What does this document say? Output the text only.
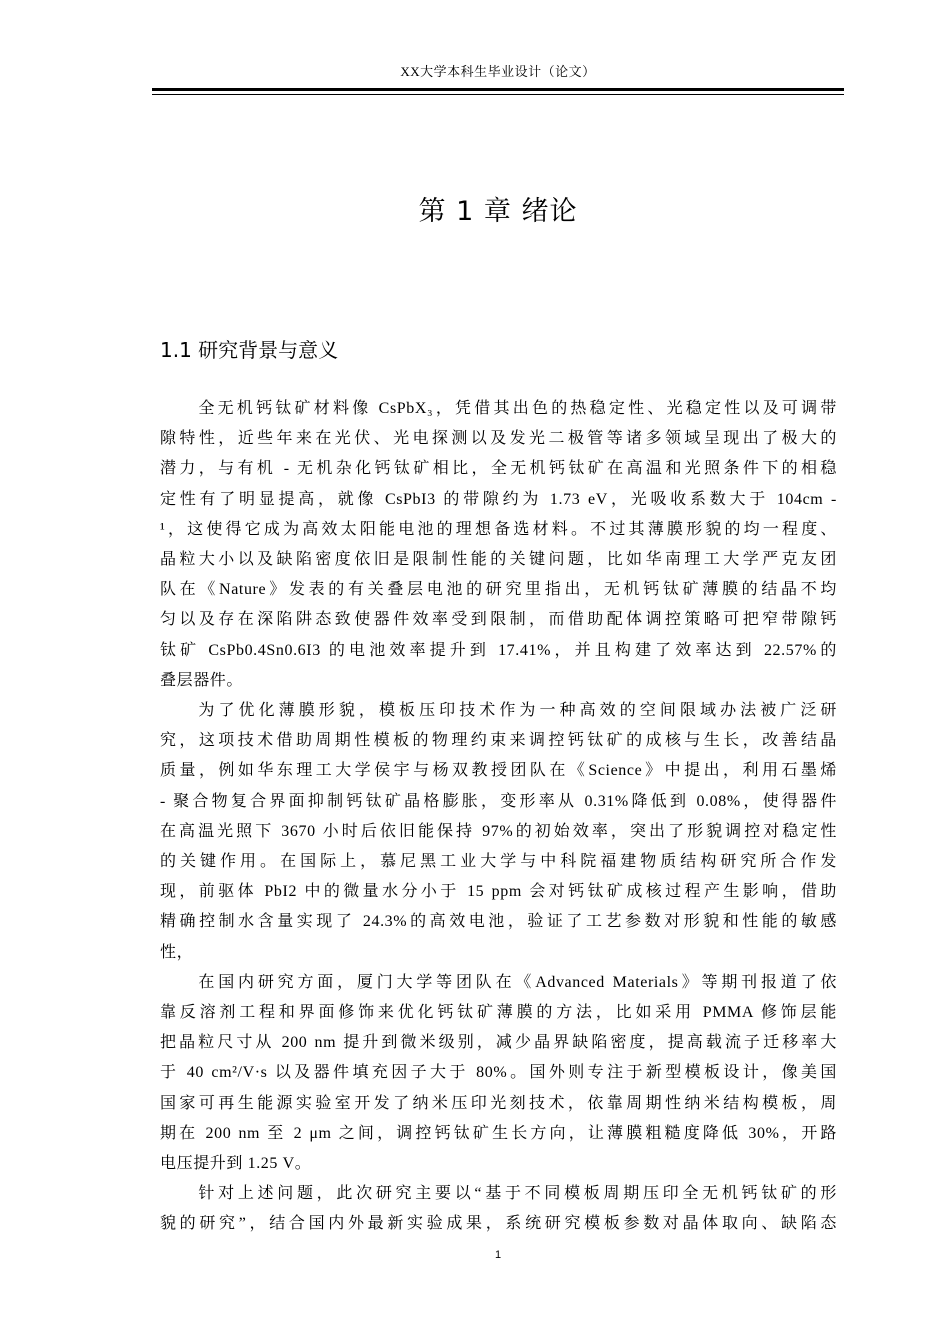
XX大学本科生毕业设计（论文）
第 1 章 绪论
1.1 研究背景与意义

全无机钙钛矿材料像 CsPbX₃，凭借其出色的热稳定性、光稳定性以及可调带
隙特性，近些年来在光伏、光电探测以及发光二极管等诸多领域呈现出了极大的
潜力，与有机 - 无机杂化钙钛矿相比，全无机钙钛矿在高温和光照条件下的相稳
定性有了明显提高，就像 CsPbI3 的带隙约为 1.73 eV，光吸收系数大于 104cm -
¹，这使得它成为高效太阳能电池的理想备选材料。不过其薄膜形貌的均一程度、
晶粒大小以及缺陷密度依旧是限制性能的关键问题，比如华南理工大学严克友团
队在《Nature》发表的有关叠层电池的研究里指出，无机钙钛矿薄膜的结晶不均
匀以及存在深陷阱态致使器件效率受到限制，而借助配体调控策略可把窄带隙钙
钛矿 CsPb0.4Sn0.6I3 的电池效率提升到 17.41%，并且构建了效率达到 22.57%的
叠层器件。

为了优化薄膜形貌，模板压印技术作为一种高效的空间限域办法被广泛研
究，这项技术借助周期性模板的物理约束来调控钙钛矿的成核与生长，改善结晶
质量，例如华东理工大学侯宇与杨双教授团队在《Science》中提出，利用石墨烯
- 聚合物复合界面抑制钙钛矿晶格膨胀，变形率从 0.31%降低到 0.08%，使得器件
在高温光照下 3670 小时后依旧能保持 97%的初始效率，突出了形貌调控对稳定性
的关键作用。在国际上，慕尼黑工业大学与中科院福建物质结构研究所合作发
现，前驱体 PbI2 中的微量水分小于 15 ppm 会对钙钛矿成核过程产生影响，借助
精确控制水含量实现了 24.3%的高效电池，验证了工艺参数对形貌和性能的敏感
性，

在国内研究方面，厦门大学等团队在《Advanced Materials》等期刊报道了依
靠反溶剂工程和界面修饰来优化钙钛矿薄膜的方法，比如采用 PMMA 修饰层能
把晶粒尺寸从 200 nm 提升到微米级别，减少晶界缺陷密度，提高载流子迁移率大
于 40 cm²/V·s 以及器件填充因子大于 80%。国外则专注于新型模板设计，像美国
国家可再生能源实验室开发了纳米压印光刻技术，依靠周期性纳米结构模板，周
期在 200 nm 至 2 μm 之间，调控钙钛矿生长方向，让薄膜粗糙度降低 30%，开路
电压提升到 1.25 V。

针对上述问题，此次研究主要以“基于不同模板周期压印全无机钙钛矿的形
貌的研究”，结合国内外最新实验成果，系统研究模板参数对晶体取向、缺陷态

1
